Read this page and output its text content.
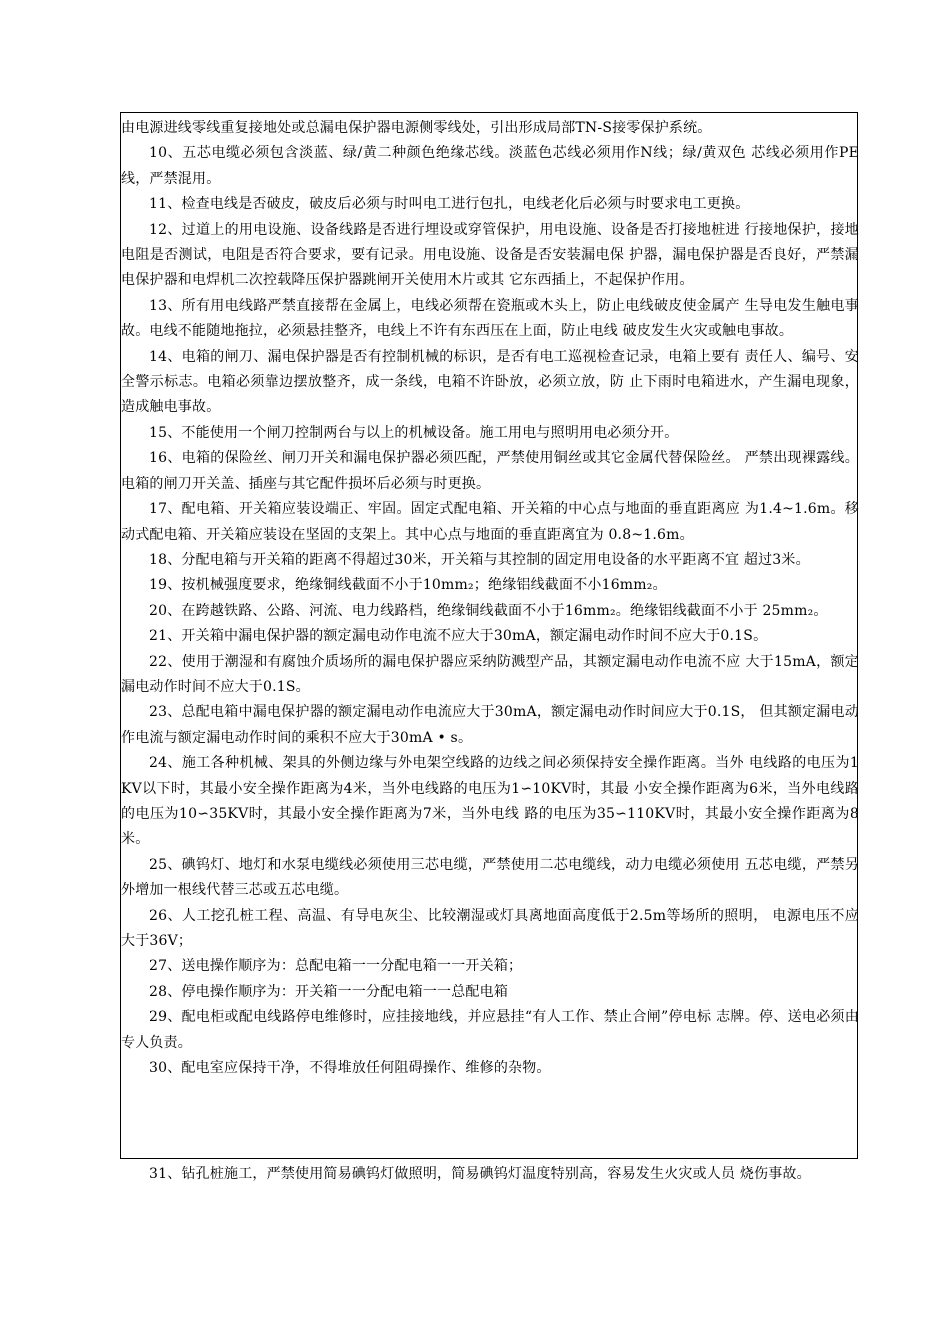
由电源进线零线重复接地处或总漏电保护器电源侧零线处，引出形成局部TN-S接零保护系统。

10、五芯电缆必须包含淡蓝、绿/黄二种颜色绝缘芯线。淡蓝色芯线必须用作N线；绿/黄双色 芯线必须用作PE线，严禁混用。

11、检查电线是否破皮，破皮后必须与时叫电工进行包扎，电线老化后必须与时要求电工更换。

12、过道上的用电设施、设备线路是否进行埋设或穿管保护，用电设施、设备是否打接地桩进 行接地保护，接地电阻是否测试，电阻是否符合要求，要有记录。用电设施、设备是否安装漏电保 护器，漏电保护器是否良好，严禁漏电保护器和电焊机二次控载降压保护器跳闸开关使用木片或其 它东西插上，不起保护作用。

13、所有用电线路严禁直接帮在金属上，电线必须帮在瓷瓶或木头上，防止电线破皮使金属产 生导电发生触电事故。电线不能随地拖拉，必须悬挂整齐，电线上不许有东西压在上面，防止电线 破皮发生火灾或触电事故。

14、电箱的闸刀、漏电保护器是否有控制机械的标识，是否有电工巡视检查记录，电箱上要有 责任人、编号、安全警示标志。电箱必须靠边摆放整齐，成一条线，电箱不许卧放，必须立放，防 止下雨时电箱进水，产生漏电现象，造成触电事故。

15、不能使用一个闸刀控制两台与以上的机械设备。施工用电与照明用电必须分开。

16、电箱的保险丝、闸刀开关和漏电保护器必须匹配，严禁使用铜丝或其它金属代替保险丝。 严禁出现裸露线。电箱的闸刀开关盖、插座与其它配件损坏后必须与时更换。

17、配电箱、开关箱应装设端正、牢固。固定式配电箱、开关箱的中心点与地面的垂直距离应 为1.4~1.6m。移动式配电箱、开关箱应装设在坚固的支架上。其中心点与地面的垂直距离宜为 0.8~1.6m。

18、分配电箱与开关箱的距离不得超过30米，开关箱与其控制的固定用电设备的水平距离不宜 超过3米。

19、按机械强度要求，绝缘铜线截面不小于10mm₂；绝缘铝线截面不小16mm₂。

20、在跨越铁路、公路、河流、电力线路档，绝缘铜线截面不小于16mm₂。绝缘铝线截面不小于 25mm₂。

21、开关箱中漏电保护器的额定漏电动作电流不应大于30mA，额定漏电动作时间不应大于0.1S。

22、使用于潮湿和有腐蚀介质场所的漏电保护器应采纳防溅型产品，其额定漏电动作电流不应 大于15mA，额定漏电动作时间不应大于0.1S。

23、总配电箱中漏电保护器的额定漏电动作电流应大于30mA，额定漏电动作时间应大于0.1S， 但其额定漏电动作电流与额定漏电动作时间的乘积不应大于30mA • s。

24、施工各种机械、架具的外侧边缘与外电架空线路的边线之间必须保持安全操作距离。当外 电线路的电压为1KV以下时，其最小安全操作距离为4米，当外电线路的电压为1∽10KV时，其最 小安全操作距离为6米，当外电线路的电压为10∽35KV时，其最小安全操作距离为7米，当外电线 路的电压为35∽110KV时，其最小安全操作距离为8米。

25、碘钨灯、地灯和水泵电缆线必须使用三芯电缆，严禁使用二芯电缆线，动力电缆必须使用 五芯电缆，严禁另外增加一根线代替三芯或五芯电缆。

26、人工挖孔桩工程、高温、有导电灰尘、比较潮湿或灯具离地面高度低于2.5m等场所的照明， 电源电压不应大于36V；

27、送电操作顺序为：总配电箱一一分配电箱一一开关箱；

28、停电操作顺序为：开关箱一一分配电箱一一总配电箱

29、配电柜或配电线路停电维修时，应挂接地线，并应悬挂“有人工作、禁止合闸”停电标 志牌。停、送电必须由专人负责。

30、配电室应保持干净，不得堆放任何阻碍操作、维修的杂物。

31、钻孔桩施工，严禁使用简易碘钨灯做照明，简易碘钨灯温度特别高，容易发生火灾或人员 烧伤事故。
